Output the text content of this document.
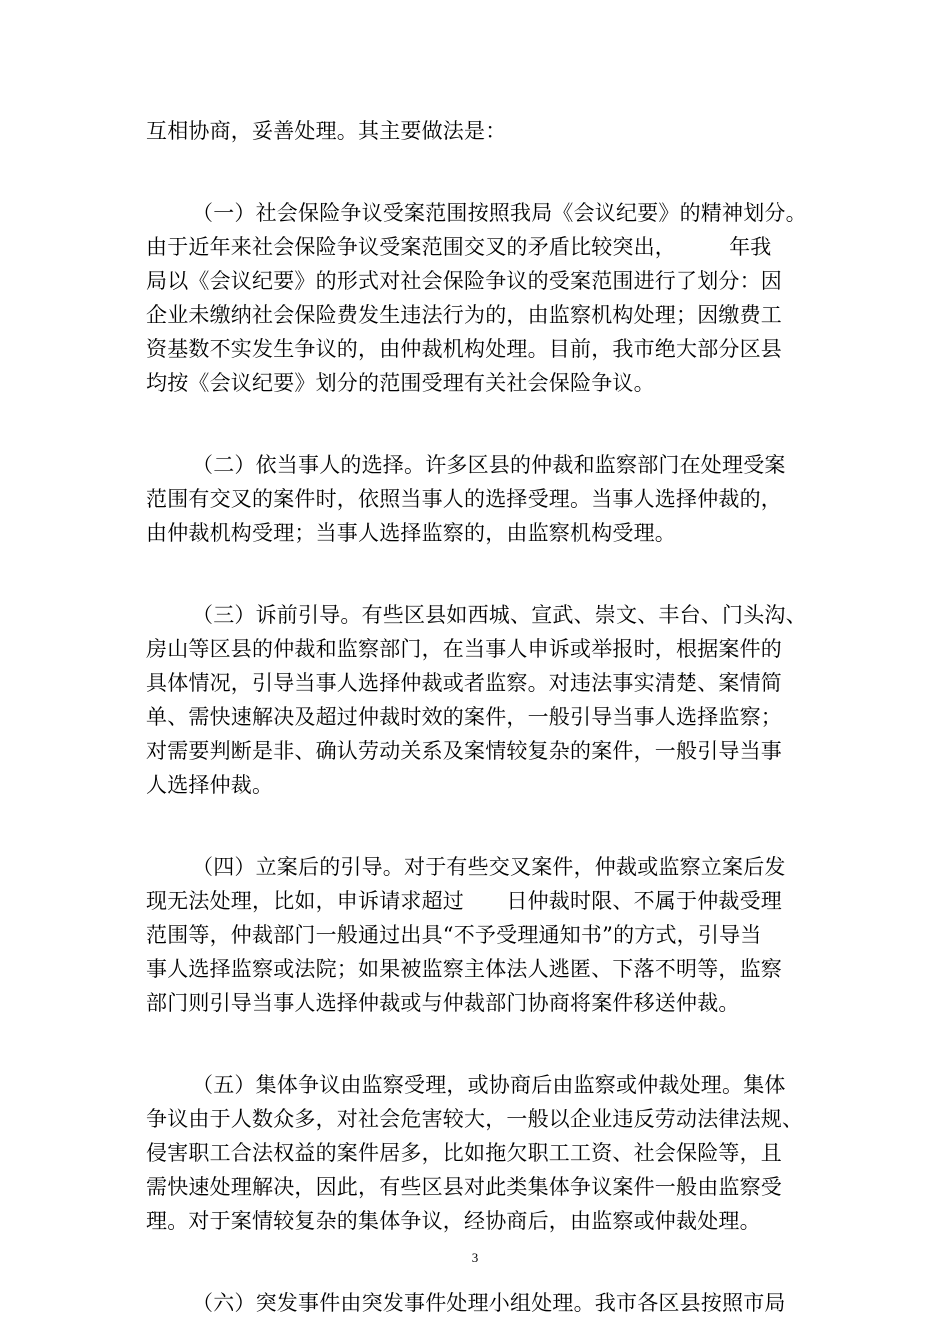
互相协商，妥善处理。其主要做法是：
（一）社会保险争议受案范围按照我局《会议纪要》的精神划分。
由于近年来社会保险争议受案范围交叉的矛盾比较突出，　　　年我
局以《会议纪要》的形式对社会保险争议的受案范围进行了划分：因
企业未缴纳社会保险费发生违法行为的，由监察机构处理；因缴费工
资基数不实发生争议的，由仲裁机构处理。目前，我市绝大部分区县
均按《会议纪要》划分的范围受理有关社会保险争议。
（二）依当事人的选择。许多区县的仲裁和监察部门在处理受案
范围有交叉的案件时，依照当事人的选择受理。当事人选择仲裁的，
由仲裁机构受理；当事人选择监察的，由监察机构受理。
（三）诉前引导。有些区县如西城、宣武、崇文、丰台、门头沟、
房山等区县的仲裁和监察部门，在当事人申诉或举报时，根据案件的
具体情况，引导当事人选择仲裁或者监察。对违法事实清楚、案情简
单、需快速解决及超过仲裁时效的案件，一般引导当事人选择监察；
对需要判断是非、确认劳动关系及案情较复杂的案件，一般引导当事
人选择仲裁。
（四）立案后的引导。对于有些交叉案件，仲裁或监察立案后发
现无法处理，比如，申诉请求超过　　日仲裁时限、不属于仲裁受理
范围等，仲裁部门一般通过出具“不予受理通知书”的方式，引导当
事人选择监察或法院；如果被监察主体法人逃匿、下落不明等，监察
部门则引导当事人选择仲裁或与仲裁部门协商将案件移送仲裁。
（五）集体争议由监察受理，或协商后由监察或仲裁处理。集体
争议由于人数众多，对社会危害较大，一般以企业违反劳动法律法规、
侵害职工合法权益的案件居多，比如拖欠职工工资、社会保险等，且
需快速处理解决，因此，有些区县对此类集体争议案件一般由监察受
理。对于案情较复杂的集体争议，经协商后，由监察或仲裁处理。
（六）突发事件由突发事件处理小组处理。我市各区县按照市局
3
